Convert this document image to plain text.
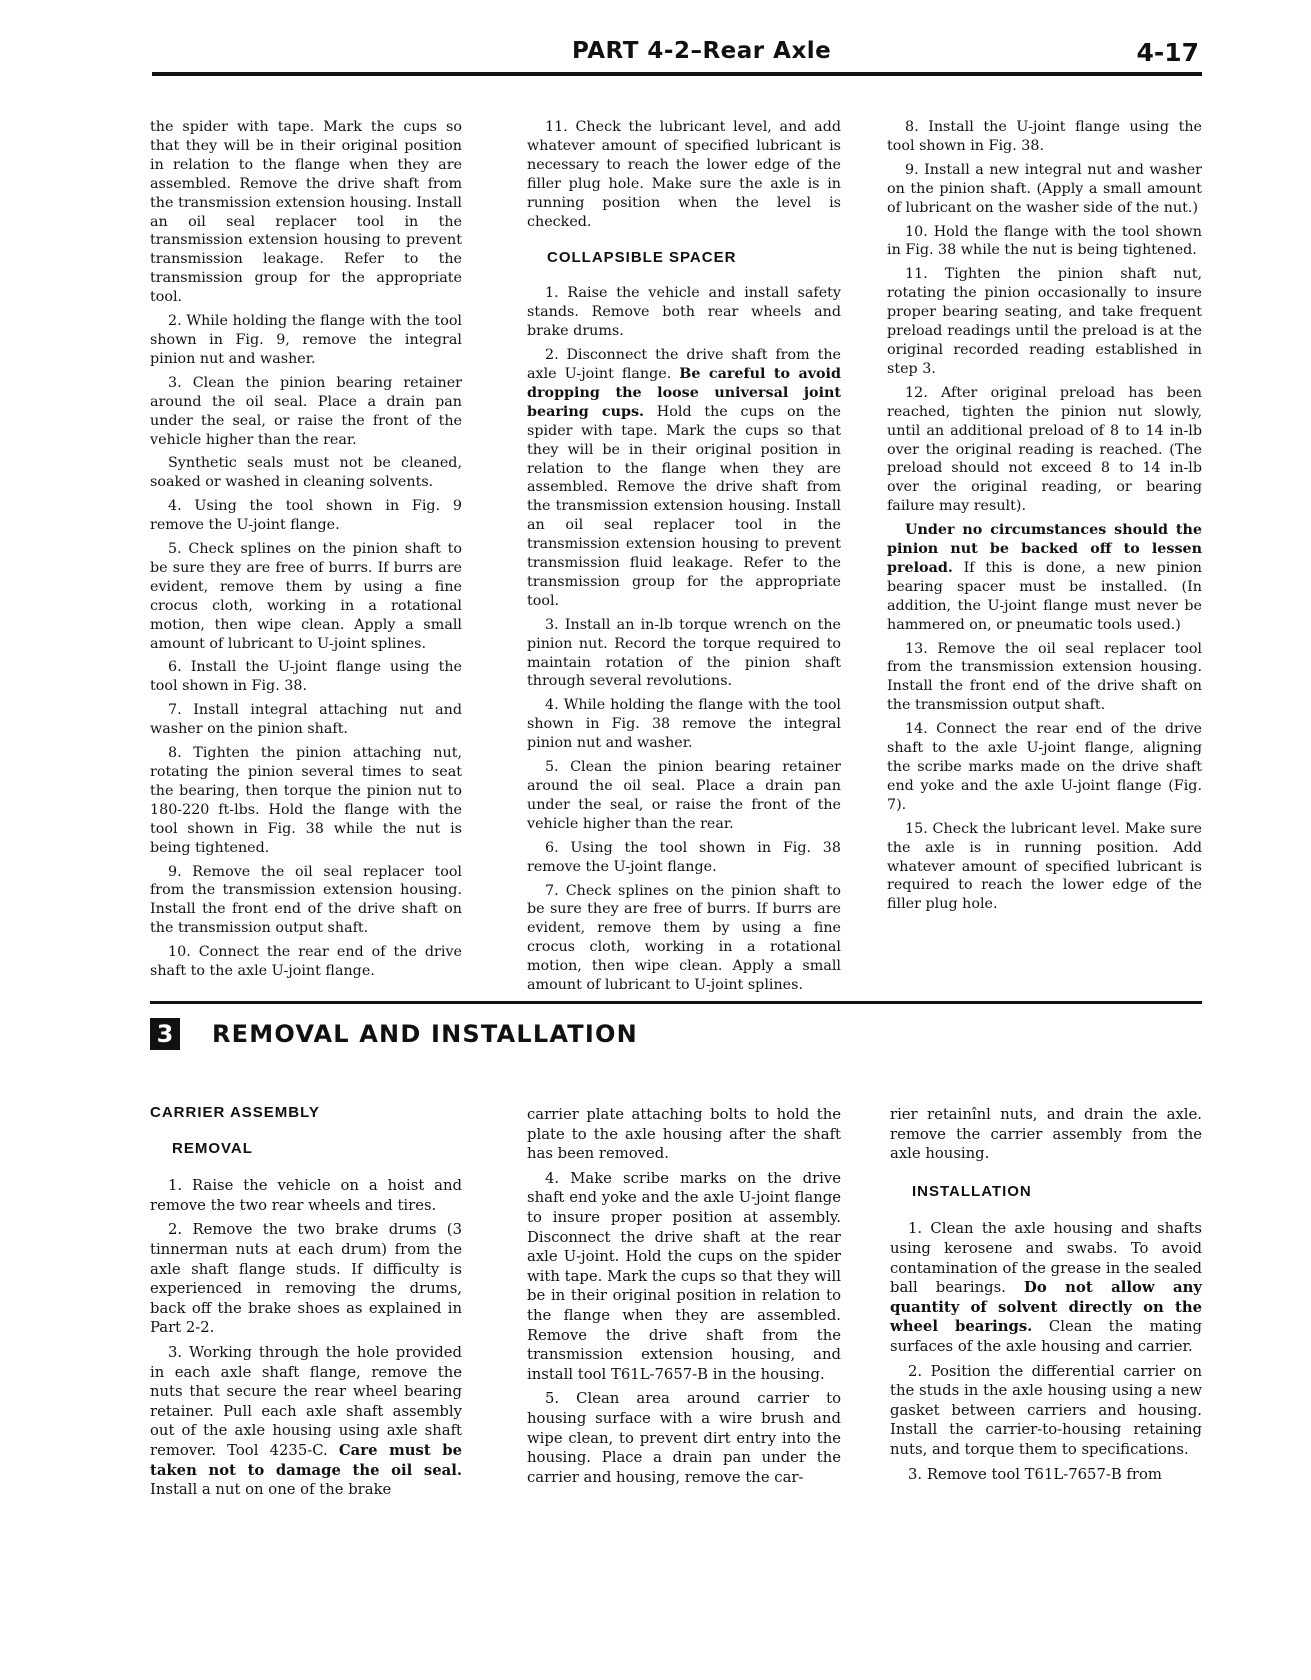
PART 4-2–Rear Axle	4-17

the spider with tape. Mark the cups so that they will be in their original position in relation to the flange when they are assembled. Remove the drive shaft from the transmission extension housing. Install an oil seal replacer tool in the transmission extension housing to prevent transmission leakage. Refer to the transmission group for the appropriate tool.

2. While holding the flange with the tool shown in Fig. 9, remove the integral pinion nut and washer.

3. Clean the pinion bearing retainer around the oil seal. Place a drain pan under the seal, or raise the front of the vehicle higher than the rear.

Synthetic seals must not be cleaned, soaked or washed in cleaning solvents.

4. Using the tool shown in Fig. 9 remove the U-joint flange.

5. Check splines on the pinion shaft to be sure they are free of burrs. If burrs are evident, remove them by using a fine crocus cloth, working in a rotational motion, then wipe clean. Apply a small amount of lubricant to U-joint splines.

6. Install the U-joint flange using the tool shown in Fig. 38.

7. Install integral attaching nut and washer on the pinion shaft.

8. Tighten the pinion attaching nut, rotating the pinion several times to seat the bearing, then torque the pinion nut to 180-220 ft-lbs. Hold the flange with the tool shown in Fig. 38 while the nut is being tightened.

9. Remove the oil seal replacer tool from the transmission extension housing. Install the front end of the drive shaft on the transmission output shaft.

10. Connect the rear end of the drive shaft to the axle U-joint flange.

11. Check the lubricant level, and add whatever amount of specified lubricant is necessary to reach the lower edge of the filler plug hole. Make sure the axle is in running position when the level is checked.

COLLAPSIBLE SPACER

1. Raise the vehicle and install safety stands. Remove both rear wheels and brake drums.

2. Disconnect the drive shaft from the axle U-joint flange. Be careful to avoid dropping the loose universal joint bearing cups. Hold the cups on the spider with tape. Mark the cups so that they will be in their original position in relation to the flange when they are assembled. Remove the drive shaft from the transmission extension housing. Install an oil seal replacer tool in the transmission extension housing to prevent transmission fluid leakage. Refer to the transmission group for the appropriate tool.

3. Install an in-lb torque wrench on the pinion nut. Record the torque required to maintain rotation of the pinion shaft through several revolutions.

4. While holding the flange with the tool shown in Fig. 38 remove the integral pinion nut and washer.

5. Clean the pinion bearing retainer around the oil seal. Place a drain pan under the seal, or raise the front of the vehicle higher than the rear.

6. Using the tool shown in Fig. 38 remove the U-joint flange.

7. Check splines on the pinion shaft to be sure they are free of burrs. If burrs are evident, remove them by using a fine crocus cloth, working in a rotational motion, then wipe clean. Apply a small amount of lubricant to U-joint splines.

8. Install the U-joint flange using the tool shown in Fig. 38.

9. Install a new integral nut and washer on the pinion shaft. (Apply a small amount of lubricant on the washer side of the nut.)

10. Hold the flange with the tool shown in Fig. 38 while the nut is being tightened.

11. Tighten the pinion shaft nut, rotating the pinion occasionally to insure proper bearing seating, and take frequent preload readings until the preload is at the original recorded reading established in step 3.

12. After original preload has been reached, tighten the pinion nut slowly, until an additional preload of 8 to 14 in-lb over the original reading is reached. (The preload should not exceed 8 to 14 in-lb over the original reading, or bearing failure may result).

Under no circumstances should the pinion nut be backed off to lessen preload. If this is done, a new pinion bearing spacer must be installed. (In addition, the U-joint flange must never be hammered on, or pneumatic tools used.)

13. Remove the oil seal replacer tool from the transmission extension housing. Install the front end of the drive shaft on the transmission output shaft.

14. Connect the rear end of the drive shaft to the axle U-joint flange, aligning the scribe marks made on the drive shaft end yoke and the axle U-joint flange (Fig. 7).

15. Check the lubricant level. Make sure the axle is in running position. Add whatever amount of specified lubricant is required to reach the lower edge of the filler plug hole.

3 REMOVAL AND INSTALLATION
CARRIER ASSEMBLY
REMOVAL

1. Raise the vehicle on a hoist and remove the two rear wheels and tires.

2. Remove the two brake drums (3 tinnerman nuts at each drum) from the axle shaft flange studs. If difficulty is experienced in removing the drums, back off the brake shoes as explained in Part 2-2.

3. Working through the hole provided in each axle shaft flange, remove the nuts that secure the rear wheel bearing retainer. Pull each axle shaft assembly out of the axle housing using axle shaft remover. Tool 4235-C. Care must be taken not to damage the oil seal. Install a nut on one of the brake

carrier plate attaching bolts to hold the plate to the axle housing after the shaft has been removed.

4. Make scribe marks on the drive shaft end yoke and the axle U-joint flange to insure proper position at assembly. Disconnect the drive shaft at the rear axle U-joint. Hold the cups on the spider with tape. Mark the cups so that they will be in their original position in relation to the flange when they are assembled. Remove the drive shaft from the transmission extension housing, and install tool T61L-7657-B in the housing.

5. Clean area around carrier to housing surface with a wire brush and wipe clean, to prevent dirt entry into the housing. Place a drain pan under the carrier and housing, remove the car-

rier retainînl nuts, and drain the axle. remove the carrier assembly from the axle housing.

INSTALLATION

1. Clean the axle housing and shafts using kerosene and swabs. To avoid contamination of the grease in the sealed ball bearings. Do not allow any quantity of solvent directly on the wheel bearings. Clean the mating surfaces of the axle housing and carrier.

2. Position the differential carrier on the studs in the axle housing using a new gasket between carriers and housing. Install the carrier-to-housing retaining nuts, and torque them to specifications.

3. Remove tool T61L-7657-B from
